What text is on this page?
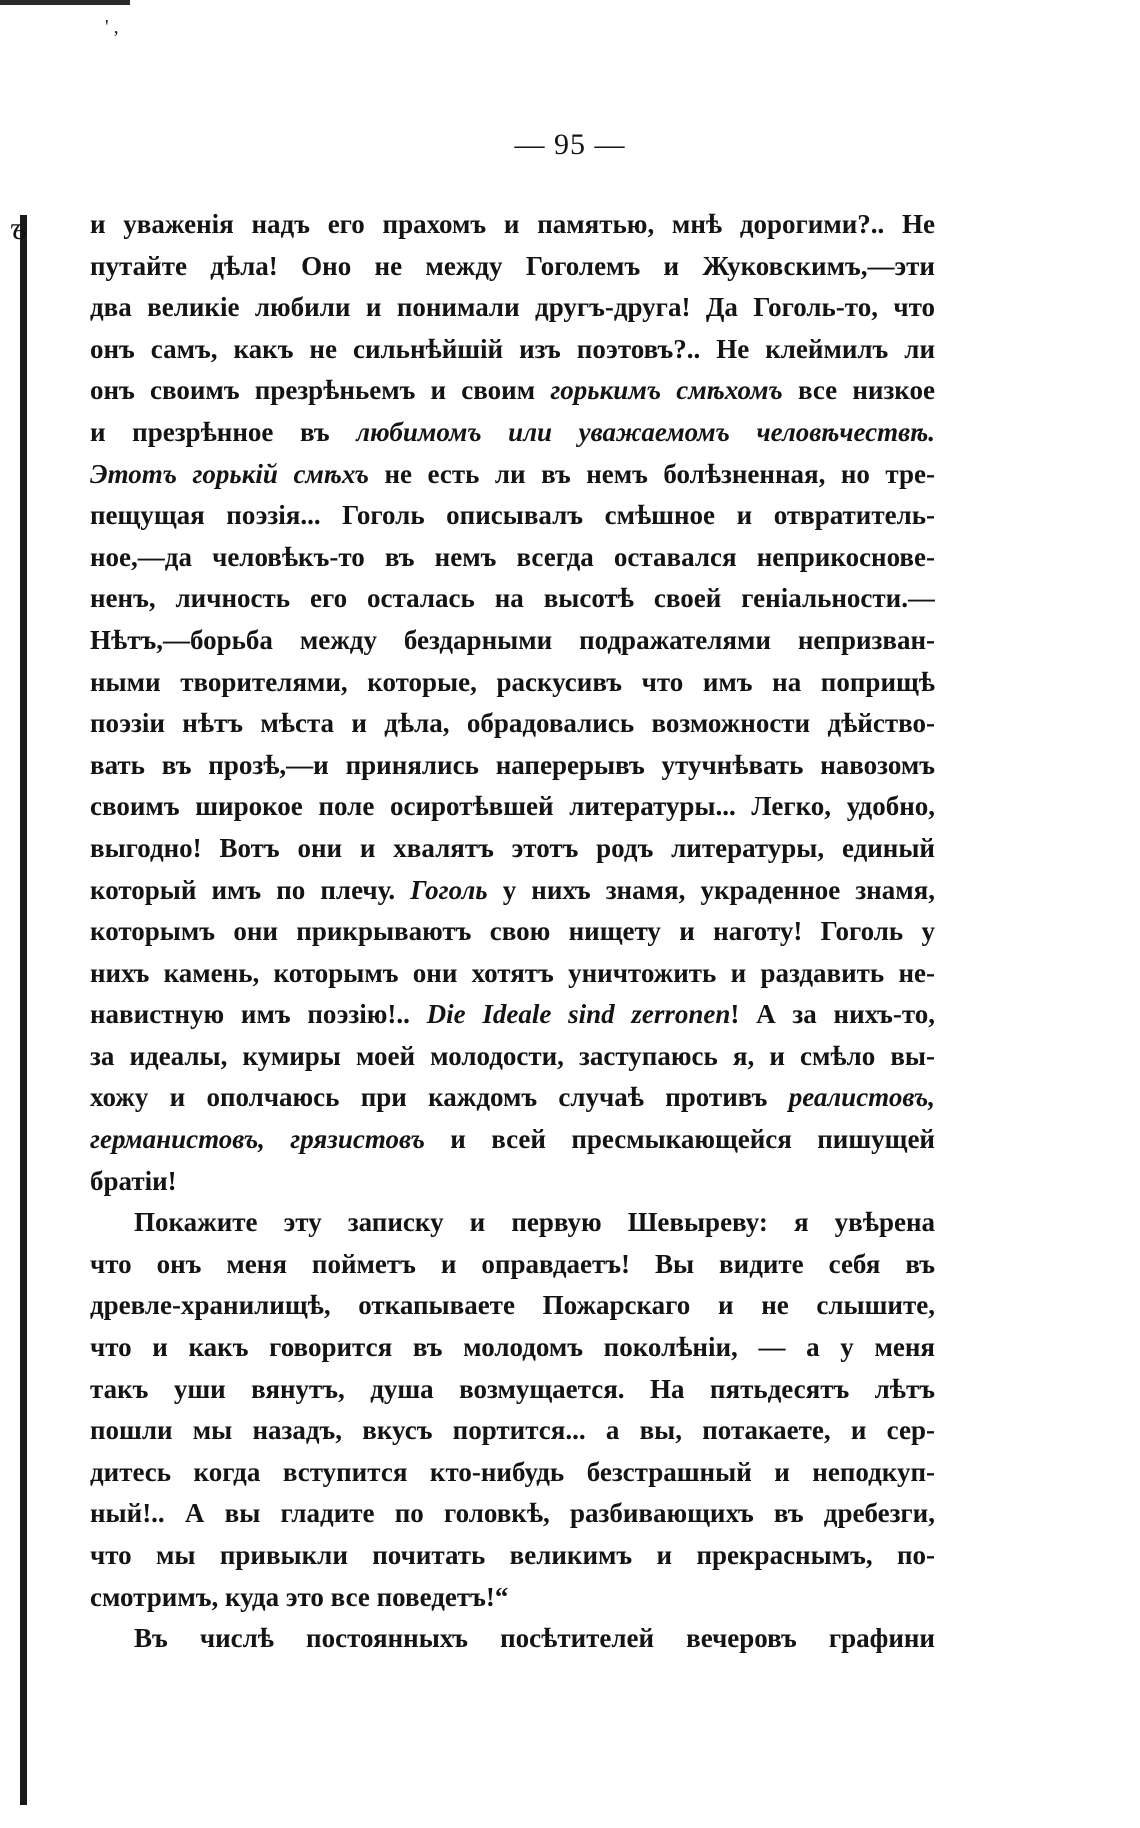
' ,
ъ
— 95 —
и уваженія надъ его прахомъ и памятью, мнѣ дорогими?.. Не
путайте дѣла! Оно не между Гоголемъ и Жуковскимъ,—эти
два великіе любили и понимали другъ-друга! Да Гоголь-то, что
онъ самъ, какъ не сильнѣйшій изъ поэтовъ?.. Не клеймилъ ли
онъ своимъ презрѣньемъ и своим горькимъ смѣхомъ все низкое
и презрѣнное въ любимомъ или уважаемомъ человѣчествѣ.
Этотъ горькій смѣхъ не есть ли въ немъ болѣзненная, но тре-
пещущая поэзія... Гоголь описывалъ смѣшное и отвратитель-
ное,—да человѣкъ-то въ немъ всегда оставался неприкоснове-
ненъ, личность его осталась на высотѣ своей геніальности.—
Нѣтъ,—борьба между бездарными подражателями непризван-
ными творителями, которые, раскусивъ что имъ на поприщѣ
поэзіи нѣтъ мѣста и дѣла, обрадовались возможности дѣйство-
вать въ прозѣ,—и принялись наперерывъ утучнѣвать навозомъ
своимъ широкое поле осиротѣвшей литературы... Легко, удобно,
выгодно! Вотъ они и хвалятъ этотъ родъ литературы, единый
который имъ по плечу. Гоголь у нихъ знамя, украденное знамя,
которымъ они прикрываютъ свою нищету и наготу! Гоголь у
нихъ камень, которымъ они хотятъ уничтожить и раздавить не-
навистную имъ поэзію!.. Die Ideale sind zerronen! А за нихъ-то,
за идеалы, кумиры моей молодости, заступаюсь я, и смѣло вы-
хожу и ополчаюсь при каждомъ случаѣ противъ реалистовъ,
германистовъ, грязистовъ и всей пресмыкающейся пишущей
братіи!
Покажите эту записку и первую Шевыреву: я увѣрена
что онъ меня пойметъ и оправдаетъ! Вы видите себя въ
древле-хранилищѣ, откапываете Пожарскаго и не слышите,
что и какъ говорится въ молодомъ поколѣніи, — а у меня
такъ уши вянутъ, душа возмущается. На пятьдесятъ лѣтъ
пошли мы назадъ, вкусъ портится... а вы, потакаете, и сер-
дитесь когда вступится кто-нибудь безстрашный и неподкуп-
ный!.. А вы гладите по головкѣ, разбивающихъ въ дребезги,
что мы привыкли почитать великимъ и прекраснымъ, по-
смотримъ, куда это все поведетъ!“
Въ числѣ постоянныхъ посѣтителей вечеровъ графини
